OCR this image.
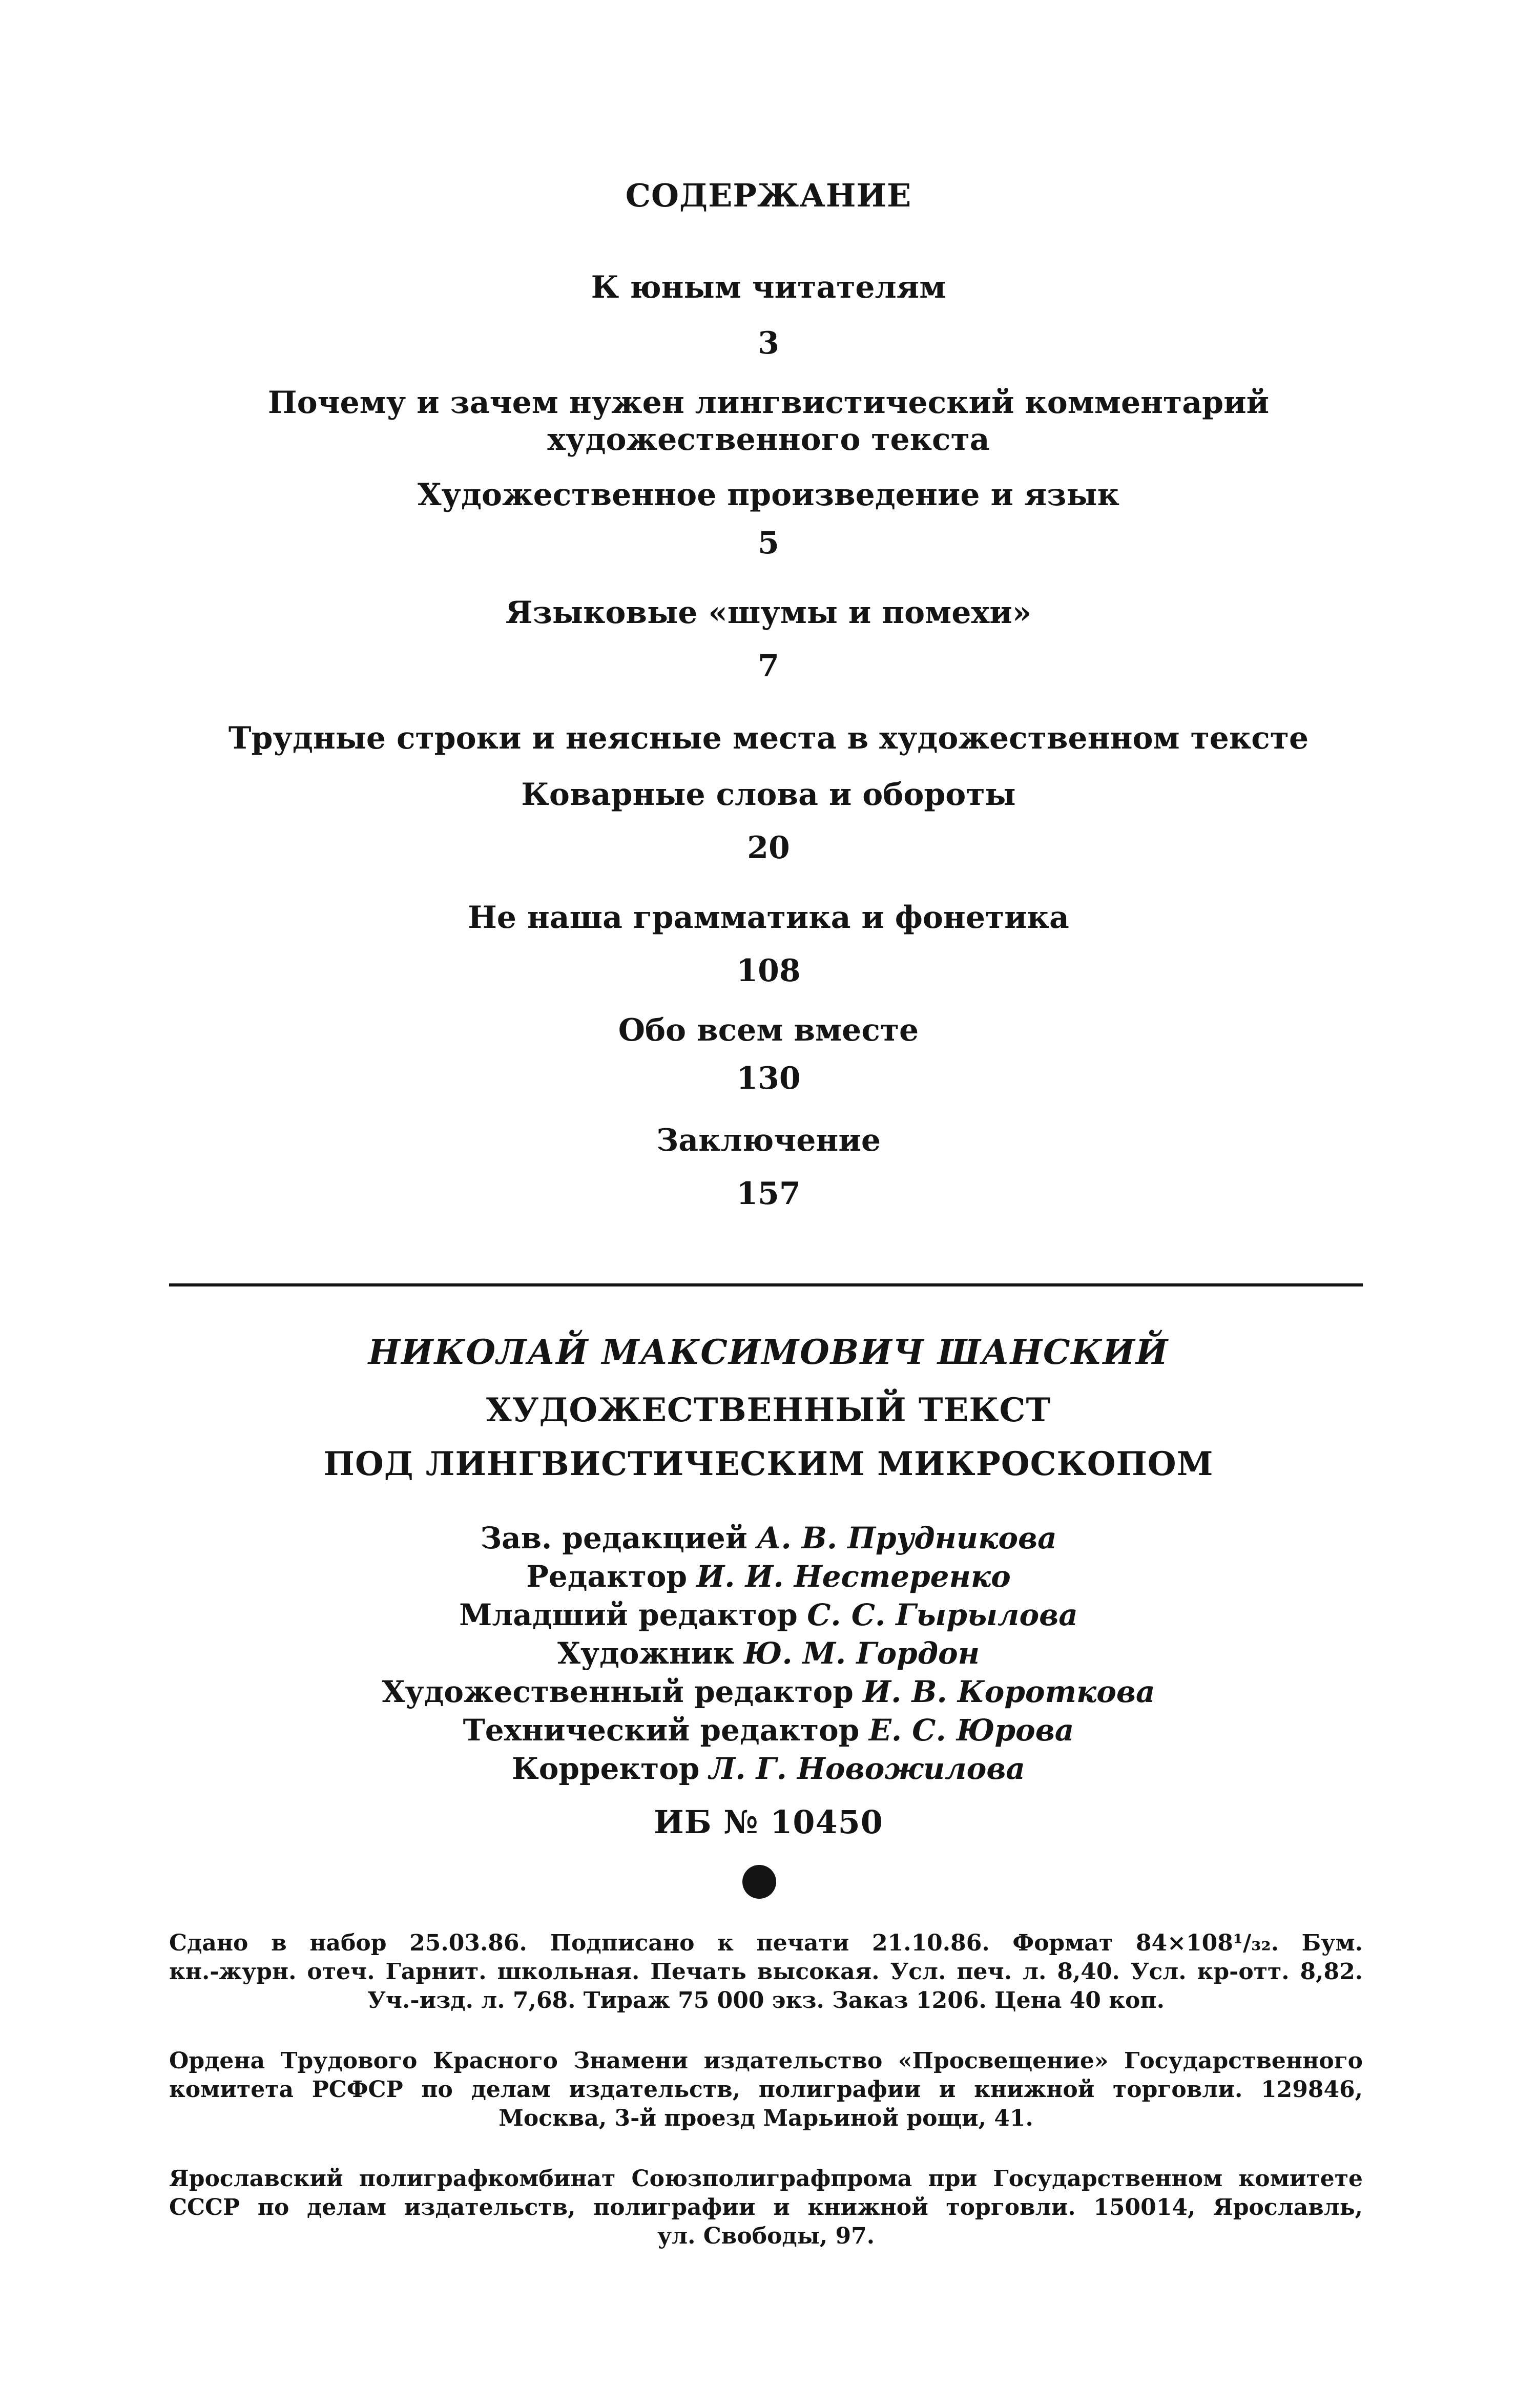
СОДЕРЖАНИЕ
К юным читателям
3
Почему и зачем нужен лингвистический комментарий
художественного текста
Художественное произведение и язык
5
Языковые «шумы и помехи»
7
Трудные строки и неясные места в художественном тексте
Коварные слова и обороты
20
Не наша грамматика и фонетика
108
Обо всем вместе
130
Заключение
157
НИКОЛАЙ МАКСИМОВИЧ ШАНСКИЙ
ХУДОЖЕСТВЕННЫЙ ТЕКСТ
ПОД ЛИНГВИСТИЧЕСКИМ МИКРОСКОПОМ
Зав. редакцией А. В. Прудникова
Редактор И. И. Нестеренко
Младший редактор С. С. Гырылова
Художник Ю. М. Гордон
Художественный редактор И. В. Короткова
Технический редактор Е. С. Юрова
Корректор Л. Г. Новожилова
ИБ № 10450
Сдано в набор 25.03.86. Подписано к печати 21.10.86. Формат 84×108¹/₃₂. Бум.
кн.-журн. отеч. Гарнит. школьная. Печать высокая. Усл. печ. л. 8,40. Усл. кр-отт. 8,82.
Уч.-изд. л. 7,68. Тираж 75 000 экз. Заказ 1206. Цена 40 коп.
Ордена Трудового Красного Знамени издательство «Просвещение» Государственного
комитета РСФСР по делам издательств, полиграфии и книжной торговли. 129846,
Москва, 3-й проезд Марьиной рощи, 41.
Ярославский полиграфкомбинат Союзполиграфпрома при Государственном комитете
СССР по делам издательств, полиграфии и книжной торговли. 150014, Ярославль,
ул. Свободы, 97.
